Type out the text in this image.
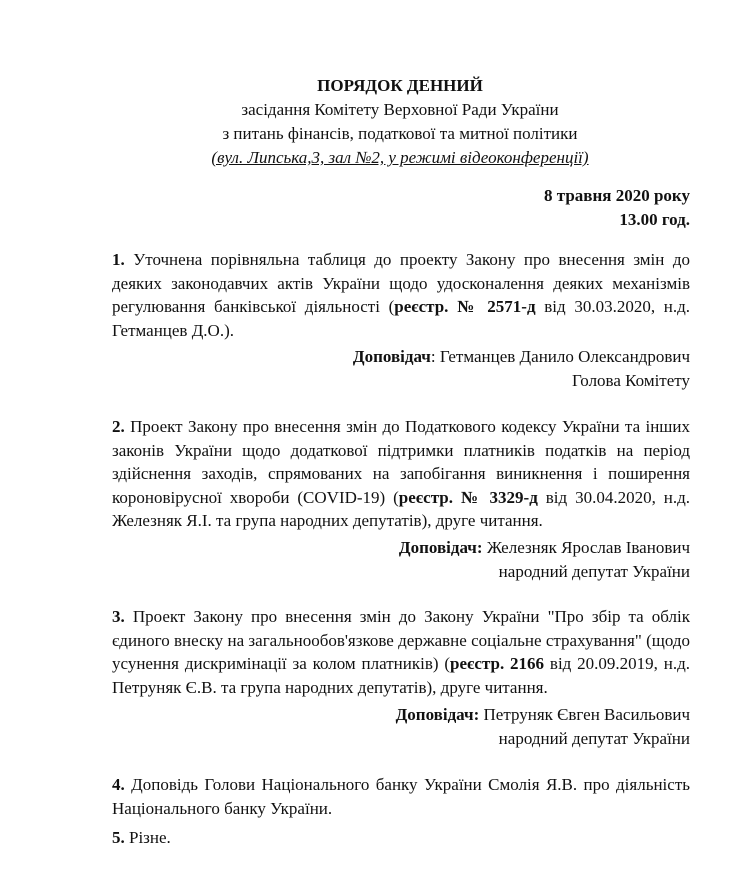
ПОРЯДОК ДЕННИЙ
засідання Комітету Верховної Ради України
з питань фінансів, податкової та митної політики
(вул. Липська,3, зал №2, у режимі відеоконференції)
8 травня 2020 року
13.00 год.
1. Уточнена порівняльна таблиця до проекту Закону про внесення змін до деяких законодавчих актів України щодо удосконалення деяких механізмів регулювання банківської діяльності (реєстр. № 2571-д від 30.03.2020, н.д. Гетманцев Д.О.).
Доповідач: Гетманцев Данило Олександрович
Голова Комітету
2. Проект Закону про внесення змін до Податкового кодексу України та інших законів України щодо додаткової підтримки платників податків на період здійснення заходів, спрямованих на запобігання виникнення і поширення короновірусної хвороби (COVID-19) (реєстр. № 3329-д від 30.04.2020, н.д. Железняк Я.І. та група народних депутатів), друге читання.
Доповідач: Железняк Ярослав Іванович
народний депутат України
3. Проект Закону про внесення змін до Закону України "Про збір та облік єдиного внеску на загальнообов'язкове державне соціальне страхування" (щодо усунення дискримінації за колом платників) (реєстр. 2166 від 20.09.2019, н.д. Петруняк Є.В. та група народних депутатів), друге читання.
Доповідач: Петруняк Євген Васильович
народний депутат України
4. Доповідь Голови Національного банку України Смолія Я.В. про діяльність Національного банку України.
5. Різне.
